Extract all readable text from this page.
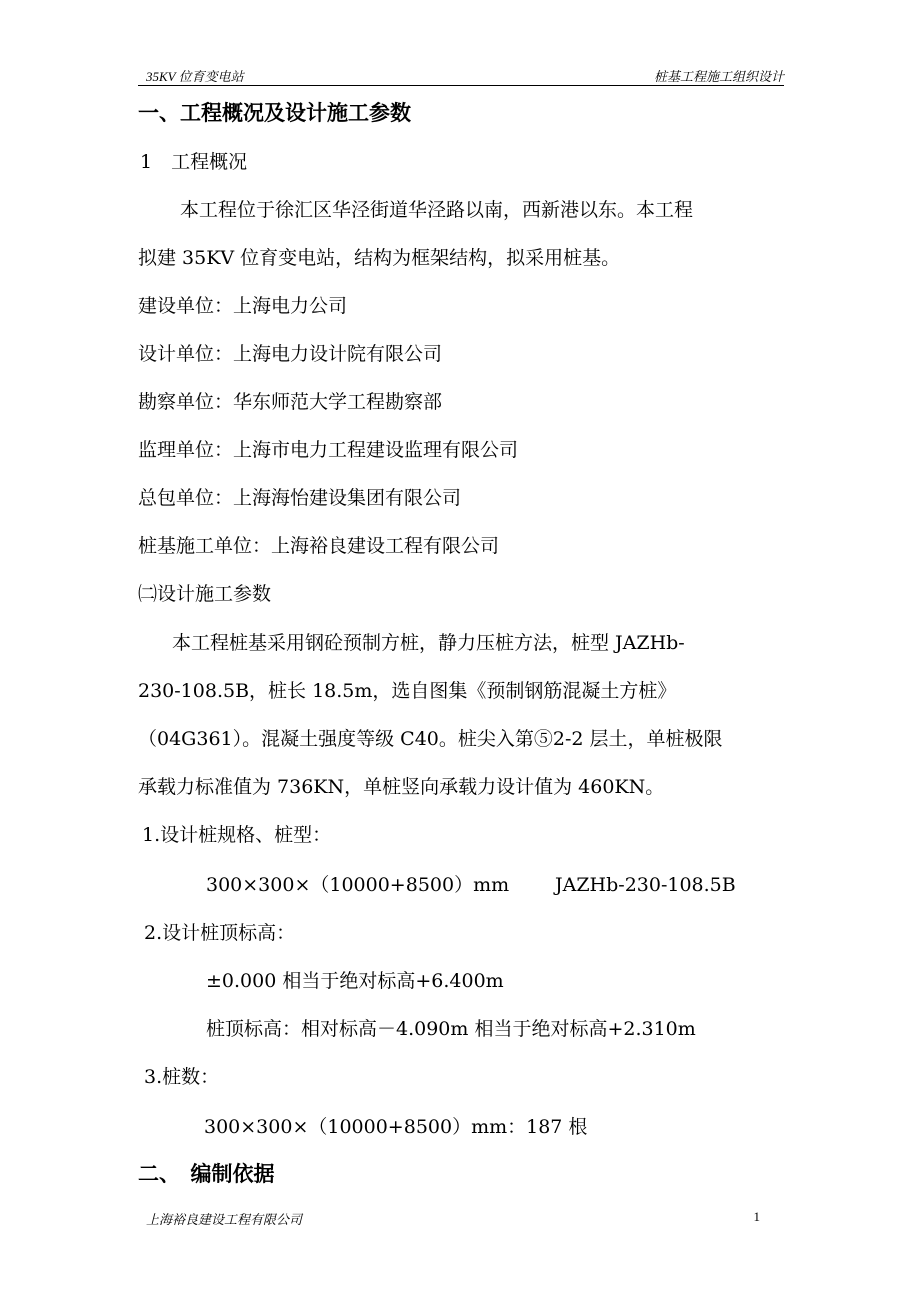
35KV 位育变电站	桩基工程施工组织设计
一、工程概况及设计施工参数
1　工程概况
本工程位于徐汇区华泾街道华泾路以南，西新港以东。本工程
拟建 35KV 位育变电站，结构为框架结构，拟采用桩基。
建设单位：上海电力公司
设计单位：上海电力设计院有限公司
勘察单位：华东师范大学工程勘察部
监理单位：上海市电力工程建设监理有限公司
总包单位：上海海怡建设集团有限公司
桩基施工单位：上海裕良建设工程有限公司
㈡设计施工参数
本工程桩基采用钢砼预制方桩，静力压桩方法，桩型 JAZHb-
230-108.5B，桩长 18.5m，选自图集《预制钢筋混凝土方桩》
（04G361）。混凝土强度等级 C40。桩尖入第⑤2-2 层土，单桩极限
承载力标准值为 736KN，单桩竖向承载力设计值为 460KN。
1.设计桩规格、桩型：
300×300×（10000+8500）mm JAZHb-230-108.5B
2.设计桩顶标高：
±0.000 相当于绝对标高+6.400m
桩顶标高：相对标高－4.090m 相当于绝对标高+2.310m
3.桩数：
300×300×（10000+8500）mm：187 根
二、　编制依据
上海裕良建设工程有限公司	1
